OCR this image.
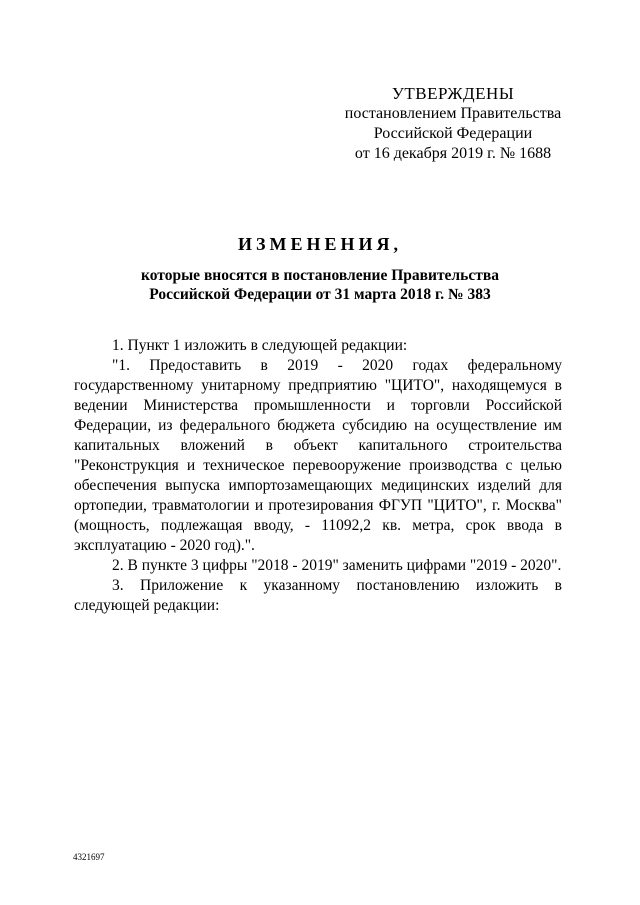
УТВЕРЖДЕНЫ
постановлением Правительства
Российской Федерации
от 16 декабря 2019 г. № 1688
ИЗМЕНЕНИЯ,
которые вносятся в постановление Правительства
Российской Федерации от 31 марта 2018 г. № 383

1. Пункт 1 изложить в следующей редакции:

"1. Предоставить в 2019 - 2020 годах федеральному государственному унитарному предприятию "ЦИТО", находящемуся в ведении Министерства промышленности и торговли Российской Федерации, из федерального бюджета субсидию на осуществление им капитальных вложений в объект капитального строительства "Реконструкция и техническое перевооружение производства с целью обеспечения выпуска импортозамещающих медицинских изделий для ортопедии, травматологии и протезирования ФГУП "ЦИТО", г. Москва" (мощность, подлежащая вводу, - 11092,2 кв. метра, срок ввода в эксплуатацию - 2020 год).".

2. В пункте 3 цифры "2018 - 2019" заменить цифрами "2019 - 2020".

3. Приложение к указанному постановлению изложить в следующей редакции:

4321697
